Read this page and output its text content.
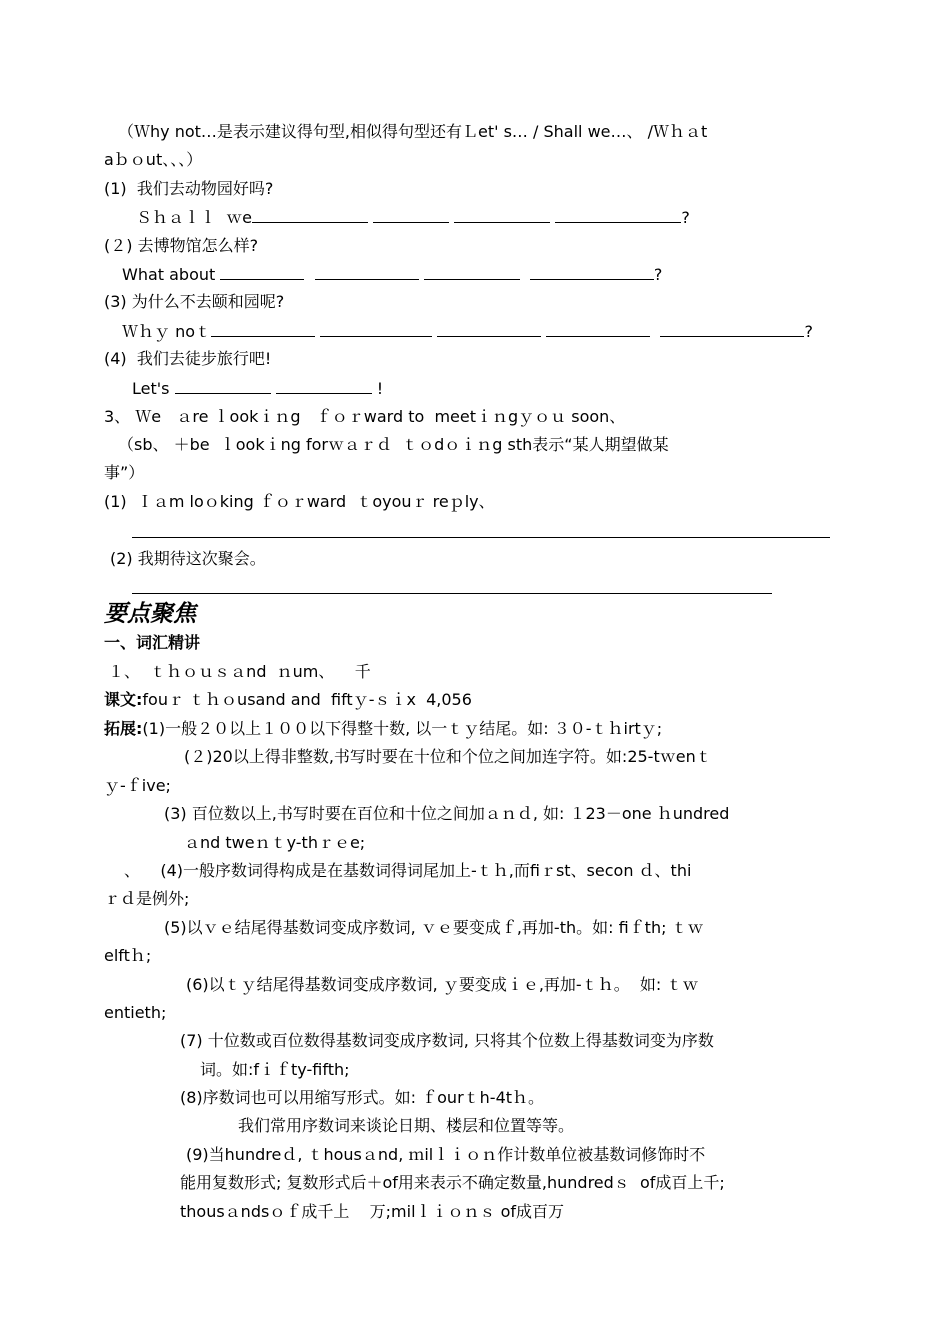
（Ｗhy not…是表示建议得句型,相似得句型还有Ｌet' s… / Shall we…、 /Ｗｈａt
aｂｏut、、、）
(1)  我们去动物园好吗?
Ｓｈａｌｌ  ｗe	?
(２) 去博物馆怎么样?
What about	?
(3) 为什么不去颐和园呢?
Ｗｈｙ noｔ	?
(4)  我们去徒步旅行吧!
Let's	!
3、 Ｗe   ａre ｌookｉｎg   ｆｏｒward to  meetｉｎgｙｏｕ soon、
（sb、 ＋be  ｌookｉng forｗａｒｄ  ｔｏdｏｉｎg sth表示“某人期望做某
事”）
(1)  Ｉａm loｏking ｆｏｒward  ｔoyouｒ reｐly、
(2) 我期待这次聚会。
要点聚焦
一、词汇精讲
１、  ｔｈｏｕｓａnd  ｎum、    千
课文:fouｒ ｔｈｏusand and  fiftｙ-ｓｉx  4,056
拓展:(1)一般２０以上１００以下得整十数, 以一ｔｙ结尾。如: ３０-ｔｈirtｙ;
(２)20以上得非整数,书写时要在十位和个位之间加连字符。如:25-tｗenｔ
ｙ-ｆive;
(3) 百位数以上,书写时要在百位和十位之间加ａｎｄ, 如: １23－one ｈundred
ａnd tweｎｔy-thｒｅe;
、    (4)一般序数词得构成是在基数词得词尾加上-ｔｈ,而fiｒst、secon ｄ、thi
ｒｄ是例外;
(5)以ｖｅ结尾得基数词变成序数词, ｖｅ要变成ｆ,再加-th。如: fiｆth; ｔｗ
elftｈ;
(6)以ｔｙ结尾得基数词变成序数词, ｙ要变成ｉｅ,再加-ｔｈ。  如: ｔｗ
entieth;
(7) 十位数或百位数得基数词变成序数词, 只将其个位数上得基数词变为序数
词。如:fｉｆty-fifth;
(8)序数词也可以用缩写形式。如: ｆourｔh-4tｈ。
我们常用序数词来谈论日期、楼层和位置等等。
(9)当hundreｄ, ｔhousａnd, ｍilｌｉｏｎ作计数单位被基数词修饰时不
能用复数形式; 复数形式后＋of用来表示不确定数量,hundredｓ  of成百上千;
thousａndsｏｆ成千上    万;milｌｉｏｎｓ of成百万
